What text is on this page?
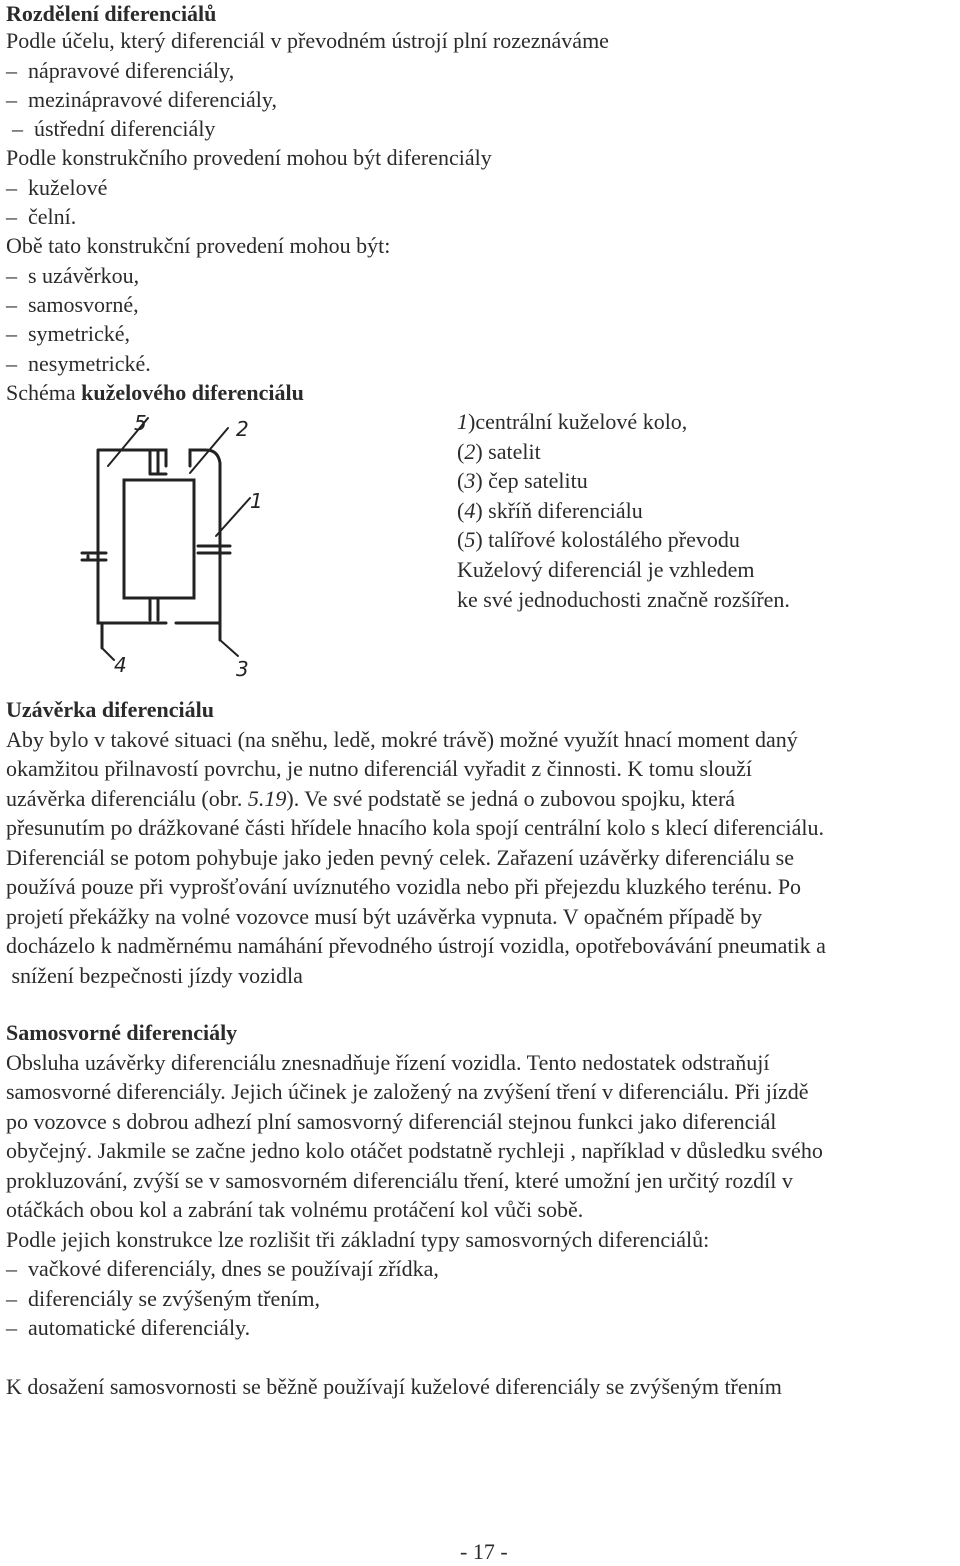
Rozdělení diferenciálů
Podle účelu, který diferenciál v převodném ústrojí plní rozeznáváme
– nápravové diferenciály,
– mezinápravové diferenciály,
– ústřední diferenciály
Podle konstrukčního provedení mohou být diferenciály
– kuželové
– čelní.
Obě tato konstrukční provedení mohou být:
– s uzávěrkou,
– samosvorné,
– symetrické,
– nesymetrické.
Schéma kuželového diferenciálu
5	2
1
4	3
1)centrální kuželové kolo,
(2) satelit
(3) čep satelitu
(4) skříň diferenciálu
(5) talířové kolostálého převodu
Kuželový diferenciál je vzhledem
ke své jednoduchosti značně rozšířen.
Uzávěrka diferenciálu
Aby bylo v takové situaci (na sněhu, ledě, mokré trávě) možné využít hnací moment daný
okamžitou přilnavostí povrchu, je nutno diferenciál vyřadit z činnosti. K tomu slouží
uzávěrka diferenciálu (obr. 5.19). Ve své podstatě se jedná o zubovou spojku, která
přesunutím po drážkované části hřídele hnacího kola spojí centrální kolo s klecí diferenciálu.
Diferenciál se potom pohybuje jako jeden pevný celek. Zařazení uzávěrky diferenciálu se
používá pouze při vyprošťování uvíznutého vozidla nebo při přejezdu kluzkého terénu. Po
projetí překážky na volné vozovce musí být uzávěrka vypnuta. V opačném případě by
docházelo k nadměrnému namáhání převodného ústrojí vozidla, opotřebovávání pneumatik a
snížení bezpečnosti jízdy vozidla
Samosvorné diferenciály
Obsluha uzávěrky diferenciálu znesnadňuje řízení vozidla. Tento nedostatek odstraňují
samosvorné diferenciály. Jejich účinek je založený na zvýšení tření v diferenciálu. Při jízdě
po vozovce s dobrou adhezí plní samosvorný diferenciál stejnou funkci jako diferenciál
obyčejný. Jakmile se začne jedno kolo otáčet podstatně rychleji , například v důsledku svého
prokluzování, zvýší se v samosvorném diferenciálu tření, které umožní jen určitý rozdíl v
otáčkách obou kol a zabrání tak volnému protáčení kol vůči sobě.
Podle jejich konstrukce lze rozlišit tři základní typy samosvorných diferenciálů:
– vačkové diferenciály, dnes se používají zřídka,
– diferenciály se zvýšeným třením,
– automatické diferenciály.
K dosažení samosvornosti se běžně používají kuželové diferenciály se zvýšeným třením
- 17 -
